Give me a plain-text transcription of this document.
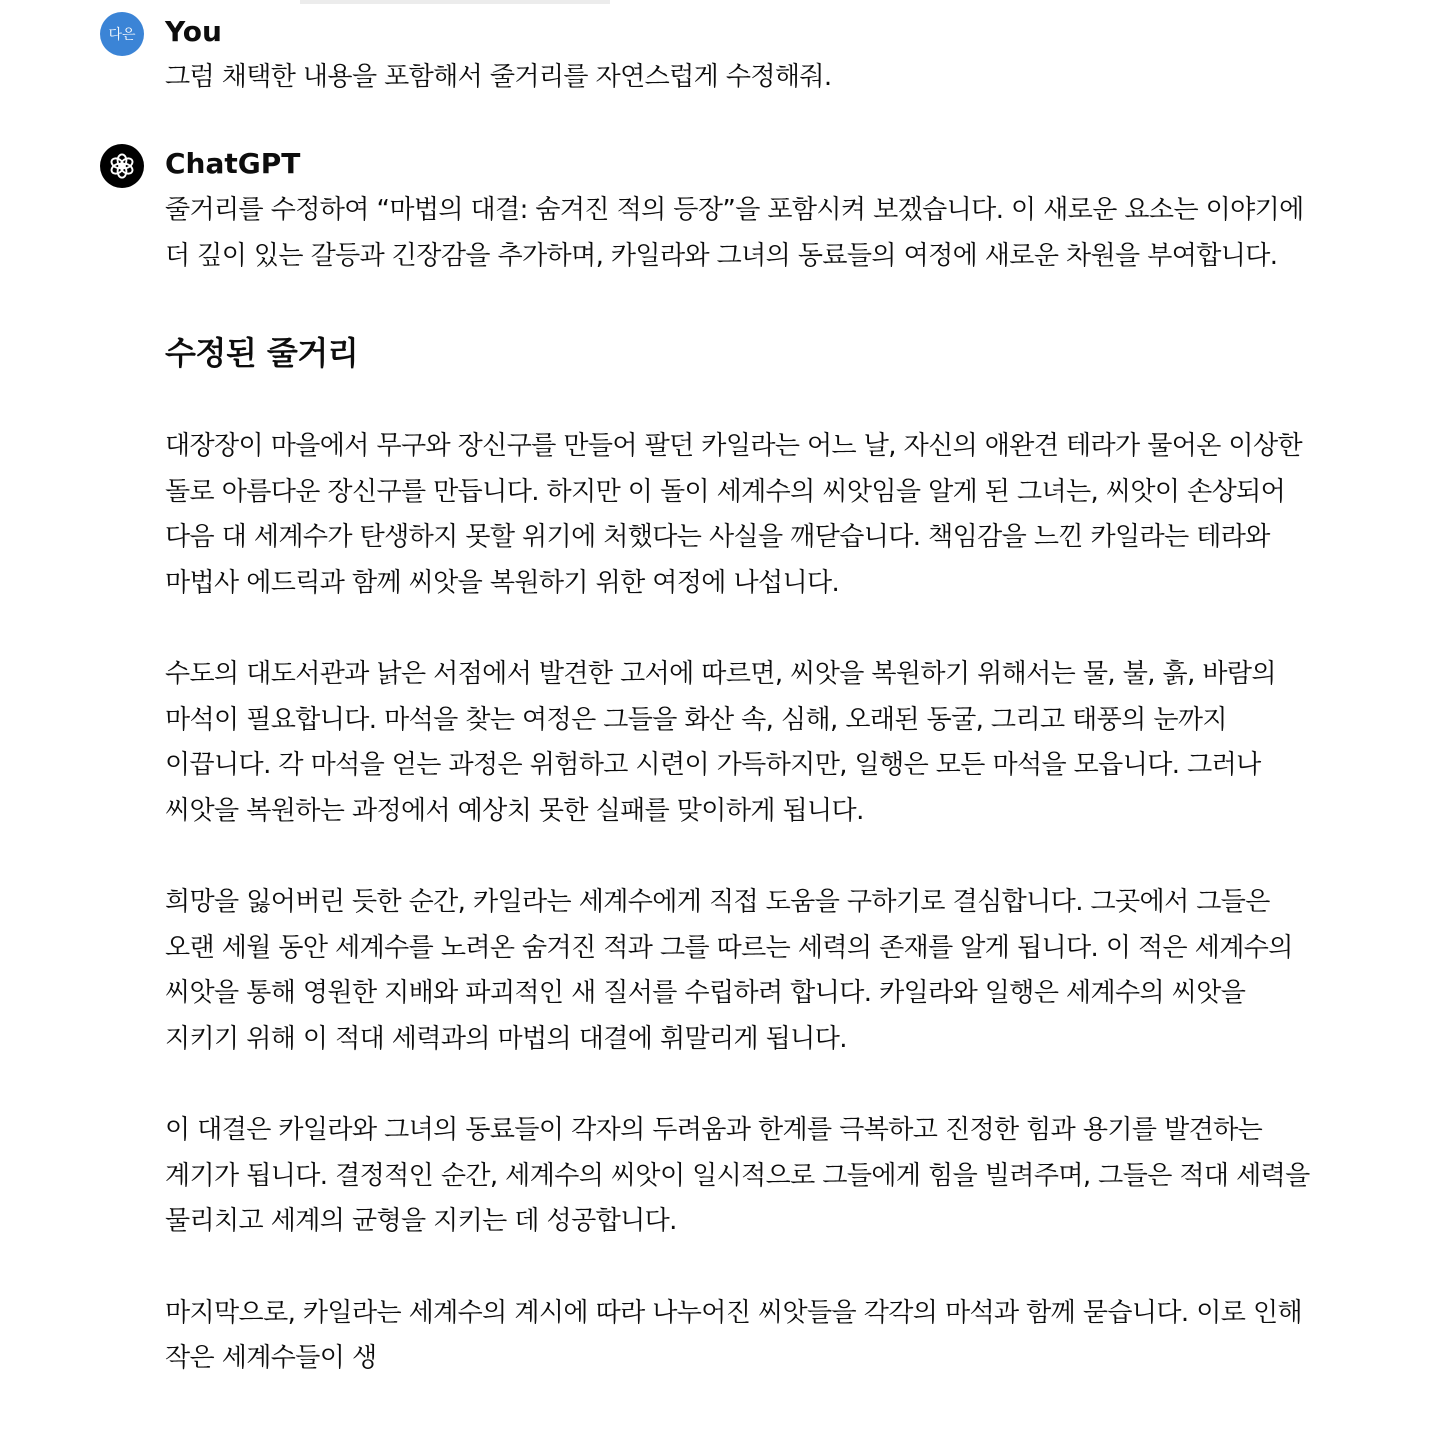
다은 You

그럼 채택한 내용을 포함해서 줄거리를 자연스럽게 수정해줘.

ChatGPT

줄거리를 수정하여 “마법의 대결: 숨겨진 적의 등장”을 포함시켜 보겠습니다. 이 새로운 요소는 이야기에 더 깊이 있는 갈등과 긴장감을 추가하며, 카일라와 그녀의 동료들의 여정에 새로운 차원을 부여합니다.

수정된 줄거리

대장장이 마을에서 무구와 장신구를 만들어 팔던 카일라는 어느 날, 자신의 애완견 테라가 물어온 이상한 돌로 아름다운 장신구를 만듭니다. 하지만 이 돌이 세계수의 씨앗임을 알게 된 그녀는, 씨앗이 손상되어 다음 대 세계수가 탄생하지 못할 위기에 처했다는 사실을 깨닫습니다. 책임감을 느낀 카일라는 테라와 마법사 에드릭과 함께 씨앗을 복원하기 위한 여정에 나섭니다.

수도의 대도서관과 낡은 서점에서 발견한 고서에 따르면, 씨앗을 복원하기 위해서는 물, 불, 흙, 바람의 마석이 필요합니다. 마석을 찾는 여정은 그들을 화산 속, 심해, 오래된 동굴, 그리고 태풍의 눈까지 이끕니다. 각 마석을 얻는 과정은 위험하고 시련이 가득하지만, 일행은 모든 마석을 모읍니다. 그러나 씨앗을 복원하는 과정에서 예상치 못한 실패를 맞이하게 됩니다.

희망을 잃어버린 듯한 순간, 카일라는 세계수에게 직접 도움을 구하기로 결심합니다. 그곳에서 그들은 오랜 세월 동안 세계수를 노려온 숨겨진 적과 그를 따르는 세력의 존재를 알게 됩니다. 이 적은 세계수의 씨앗을 통해 영원한 지배와 파괴적인 새 질서를 수립하려 합니다. 카일라와 일행은 세계수의 씨앗을 지키기 위해 이 적대 세력과의 마법의 대결에 휘말리게 됩니다.

이 대결은 카일라와 그녀의 동료들이 각자의 두려움과 한계를 극복하고 진정한 힘과 용기를 발견하는 계기가 됩니다. 결정적인 순간, 세계수의 씨앗이 일시적으로 그들에게 힘을 빌려주며, 그들은 적대 세력을 물리치고 세계의 균형을 지키는 데 성공합니다.

마지막으로, 카일라는 세계수의 계시에 따라 나누어진 씨앗들을 각각의 마석과 함께 묻습니다. 이로 인해 작은 세계수들이 생
